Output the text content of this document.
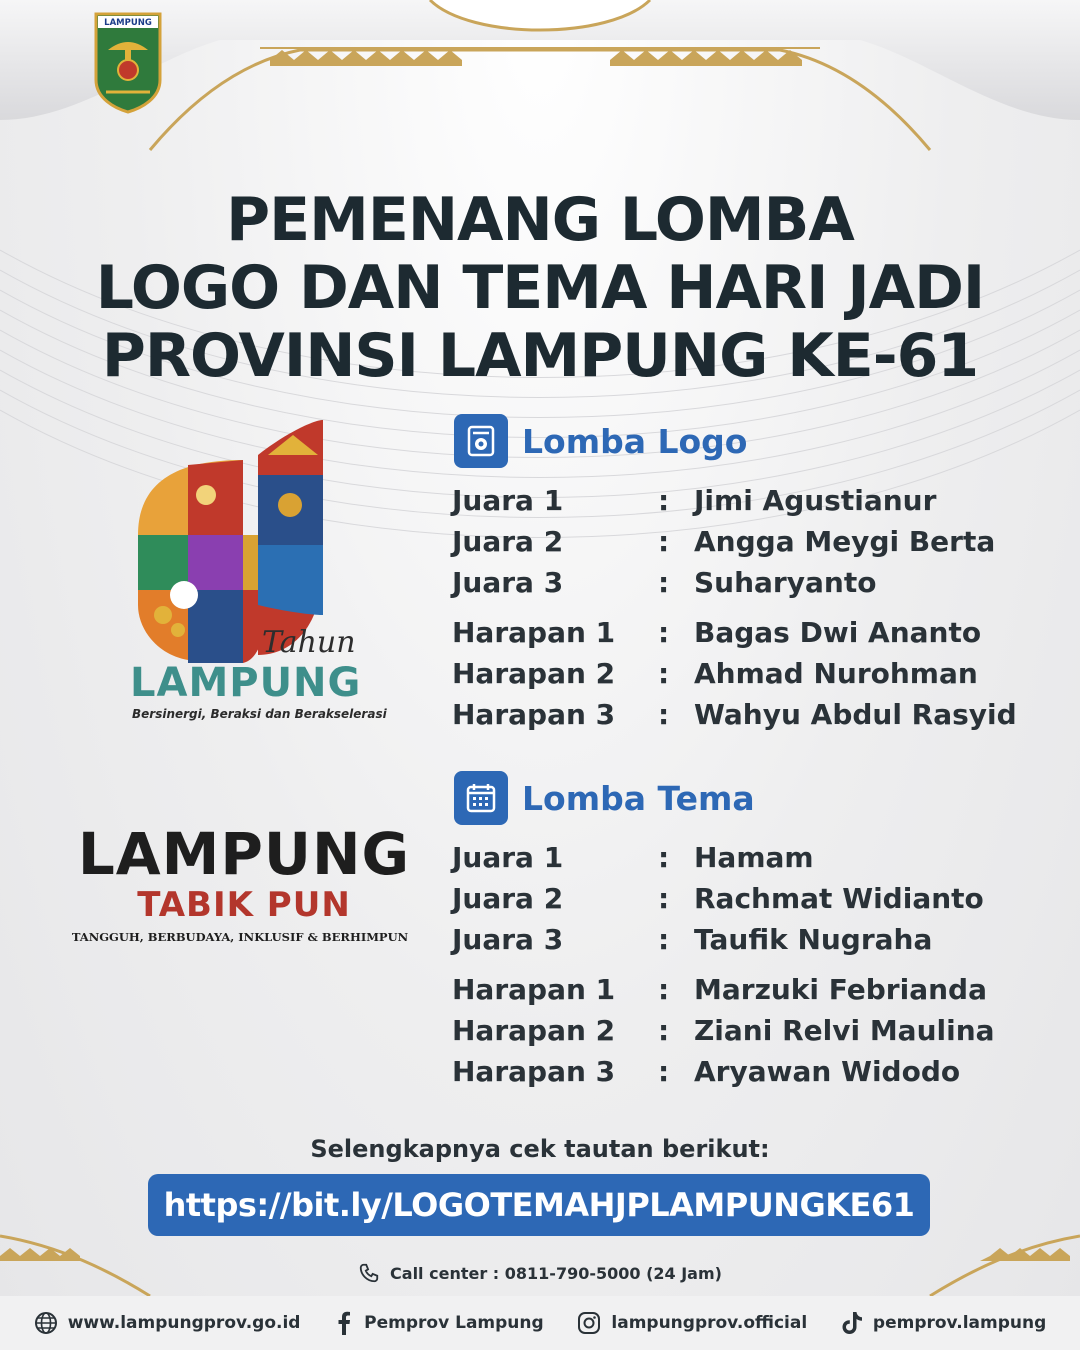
LAMPUNG
PEMENANG LOMBA
LOGO DAN TEMA HARI JADI
PROVINSI LAMPUNG KE-61
Tahun
LAMPUNG
Bersinergi, Beraksi dan Berakselerasi
LAMPUNG
TABIK PUN
TANGGUH, BERBUDAYA, INKLUSIF & BERHIMPUN
Lomba Logo
Juara 1	: Jimi Agustianur
Juara 2	: Angga Meygi Berta
Juara 3	: Suharyanto
Harapan 1	: Bagas Dwi Ananto
Harapan 2	: Ahmad Nurohman
Harapan 3	: Wahyu Abdul Rasyid
Lomba Tema
Juara 1	: Hamam
Juara 2	: Rachmat Widianto
Juara 3	: Taufik Nugraha
Harapan 1	: Marzuki Febrianda
Harapan 2	: Ziani Relvi Maulina
Harapan 3	: Aryawan Widodo
Selengkapnya cek tautan berikut:
https://bit.ly/LOGOTEMAHJPLAMPUNGKE61
Call center : 0811-790-5000 (24 Jam)
www.lampungprov.go.id	Pemprov Lampung	lampungprov.official	pemprov.lampung
